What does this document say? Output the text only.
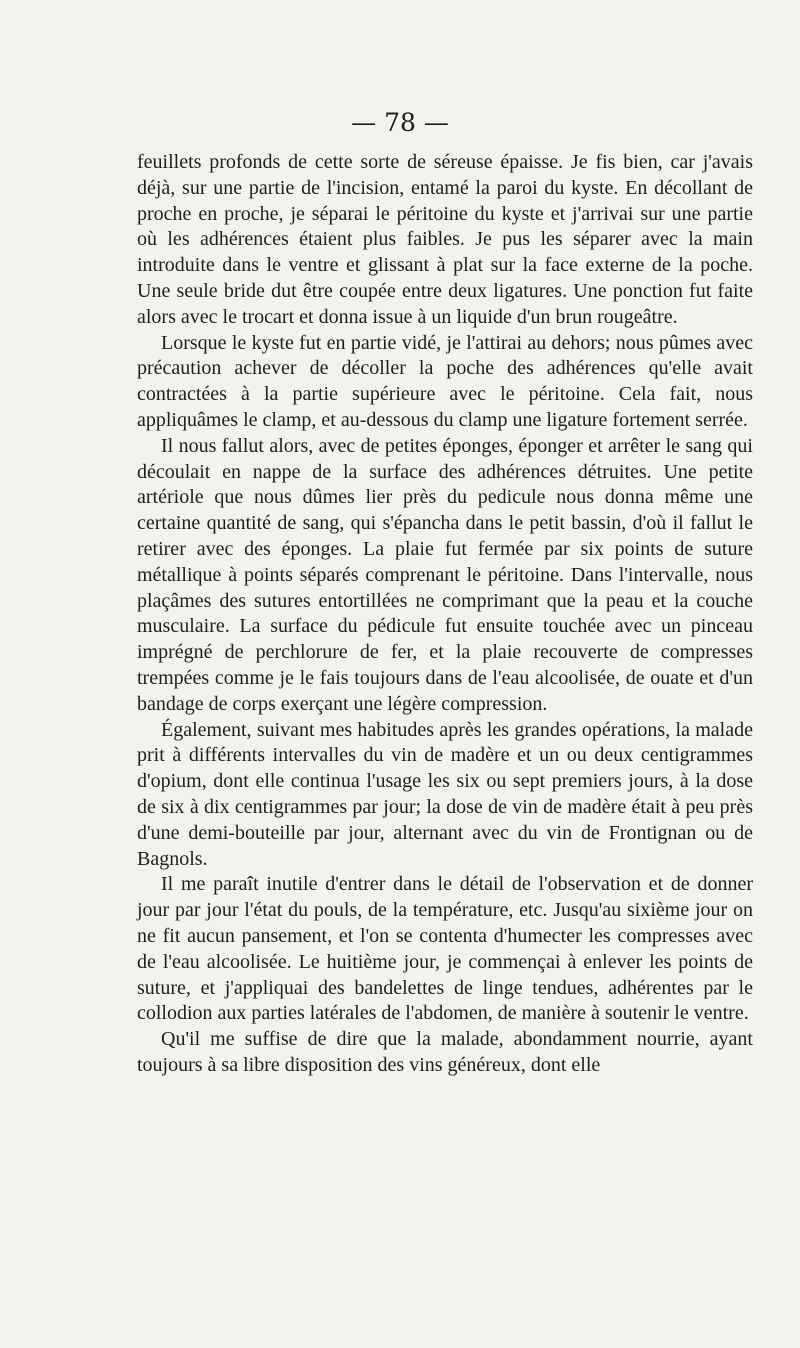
— 78 —

feuillets profonds de cette sorte de séreuse épaisse. Je fis bien, car j'avais déjà, sur une partie de l'incision, entamé la paroi du kyste. En décollant de proche en proche, je séparai le péritoine du kyste et j'arrivai sur une partie où les adhérences étaient plus faibles. Je pus les séparer avec la main introduite dans le ventre et glissant à plat sur la face externe de la poche. Une seule bride dut être coupée entre deux ligatures. Une ponction fut faite alors avec le trocart et donna issue à un liquide d'un brun rougeâtre.

Lorsque le kyste fut en partie vidé, je l'attirai au dehors; nous pûmes avec précaution achever de décoller la poche des adhérences qu'elle avait contractées à la partie supérieure avec le péritoine. Cela fait, nous appliquâmes le clamp, et au-dessous du clamp une ligature fortement serrée.

Il nous fallut alors, avec de petites éponges, éponger et arrêter le sang qui découlait en nappe de la surface des adhérences détruites. Une petite artériole que nous dûmes lier près du pedicule nous donna même une certaine quantité de sang, qui s'épancha dans le petit bassin, d'où il fallut le retirer avec des éponges. La plaie fut fermée par six points de suture métallique à points séparés comprenant le péritoine. Dans l'intervalle, nous plaçâmes des sutures entortillées ne comprimant que la peau et la couche musculaire. La surface du pédicule fut ensuite touchée avec un pinceau imprégné de perchlorure de fer, et la plaie recouverte de compresses trempées comme je le fais toujours dans de l'eau alcoolisée, de ouate et d'un bandage de corps exerçant une légère compression.

Également, suivant mes habitudes après les grandes opérations, la malade prit à différents intervalles du vin de madère et un ou deux centigrammes d'opium, dont elle continua l'usage les six ou sept premiers jours, à la dose de six à dix centigrammes par jour; la dose de vin de madère était à peu près d'une demi-bouteille par jour, alternant avec du vin de Frontignan ou de Bagnols.

Il me paraît inutile d'entrer dans le détail de l'observation et de donner jour par jour l'état du pouls, de la température, etc. Jusqu'au sixième jour on ne fit aucun pansement, et l'on se contenta d'humecter les compresses avec de l'eau alcoolisée. Le huitième jour, je commençai à enlever les points de suture, et j'appliquai des bandelettes de linge tendues, adhérentes par le collodion aux parties latérales de l'abdomen, de manière à soutenir le ventre.

Qu'il me suffise de dire que la malade, abondamment nourrie, ayant toujours à sa libre disposition des vins généreux, dont elle
